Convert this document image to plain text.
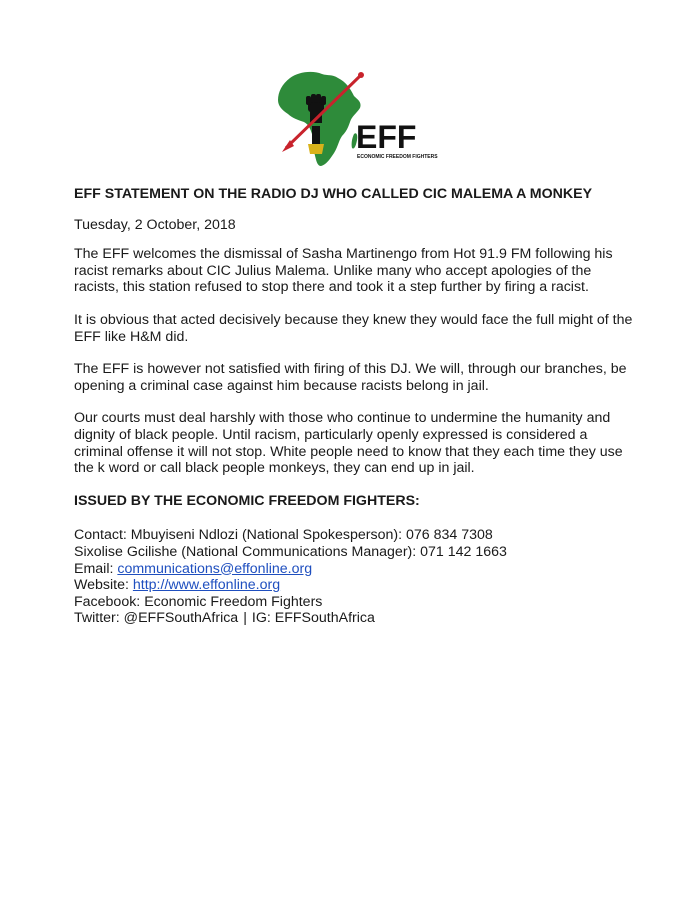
EFF
ECONOMIC FREEDOM FIGHTERS
EFF STATEMENT ON THE RADIO DJ WHO CALLED CIC MALEMA A MONKEY
Tuesday, 2 October, 2018

The EFF welcomes the dismissal of Sasha Martinengo from Hot 91.9 FM following his racist remarks about CIC Julius Malema. Unlike many who accept apologies of the racists, this station refused to stop there and took it a step further by firing a racist.

It is obvious that acted decisively because they knew they would face the full might of the EFF like H&M did.

The EFF is however not satisfied with firing of this DJ. We will, through our branches, be opening a criminal case against him because racists belong in jail.

Our courts must deal harshly with those who continue to undermine the humanity and dignity of black people. Until racism, particularly openly expressed is considered a criminal offense it will not stop. White people need to know that they each time they use the k word or call black people monkeys, they can end up in jail.

ISSUED BY THE ECONOMIC FREEDOM FIGHTERS:
Contact: Mbuyiseni Ndlozi (National Spokesperson): 076 834 7308
Sixolise Gcilishe (National Communications Manager): 071 142 1663
Email: communications@effonline.org
Website: http://www.effonline.org
Facebook: Economic Freedom Fighters
Twitter: @EFFSouthAfrica | IG: EFFSouthAfrica
